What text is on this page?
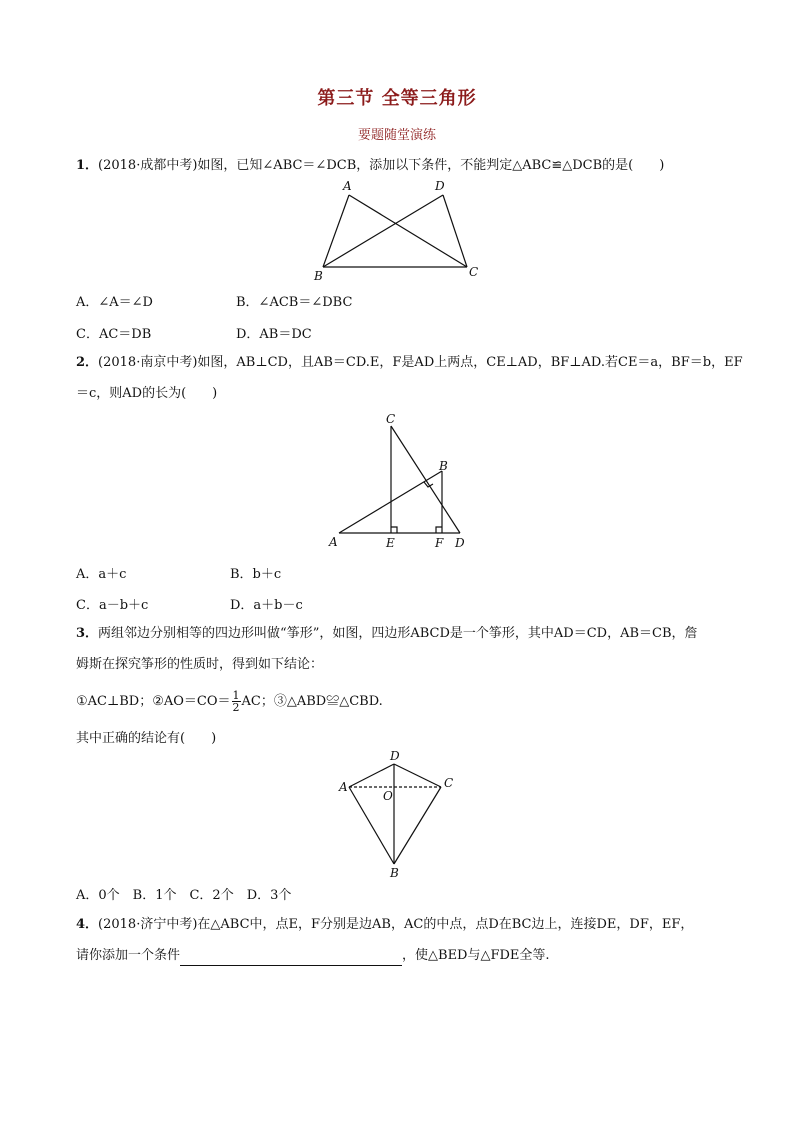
第三节 全等三角形
要题随堂演练
1．(2018·成都中考)如图，已知∠ABC＝∠DCB，添加以下条件，不能判定△ABC≌△DCB的是(　　)
A	D
B	C
A．∠A＝∠D	B．∠ACB＝∠DBC
C．AC＝DB	D．AB＝DC
2．(2018·南京中考)如图，AB⊥CD，且AB＝CD.E，F是AD上两点，CE⊥AD，BF⊥AD.若CE＝a，BF＝b，EF
＝c，则AD的长为(　　)
C
B
A	E	F D
A．a＋c	B．b＋c
C．a－b＋c	D．a＋b－c
3．两组邻边分别相等的四边形叫做“筝形”，如图，四边形ABCD是一个筝形，其中AD＝CD，AB＝CB，詹
姆斯在探究筝形的性质时，得到如下结论：
①AC⊥BD；②AO＝CO＝ $\frac{1}{2}$ AC；③△ABD≌△CBD.
其中正确的结论有(　　)
D
A	C
O
B
A．0个　B．1个　C．2个　D．3个
4．(2018·济宁中考)在△ABC中，点E，F分别是边AB，AC的中点，点D在BC边上，连接DE，DF，EF，
请你添加一个条件	，使△BED与△FDE全等.
